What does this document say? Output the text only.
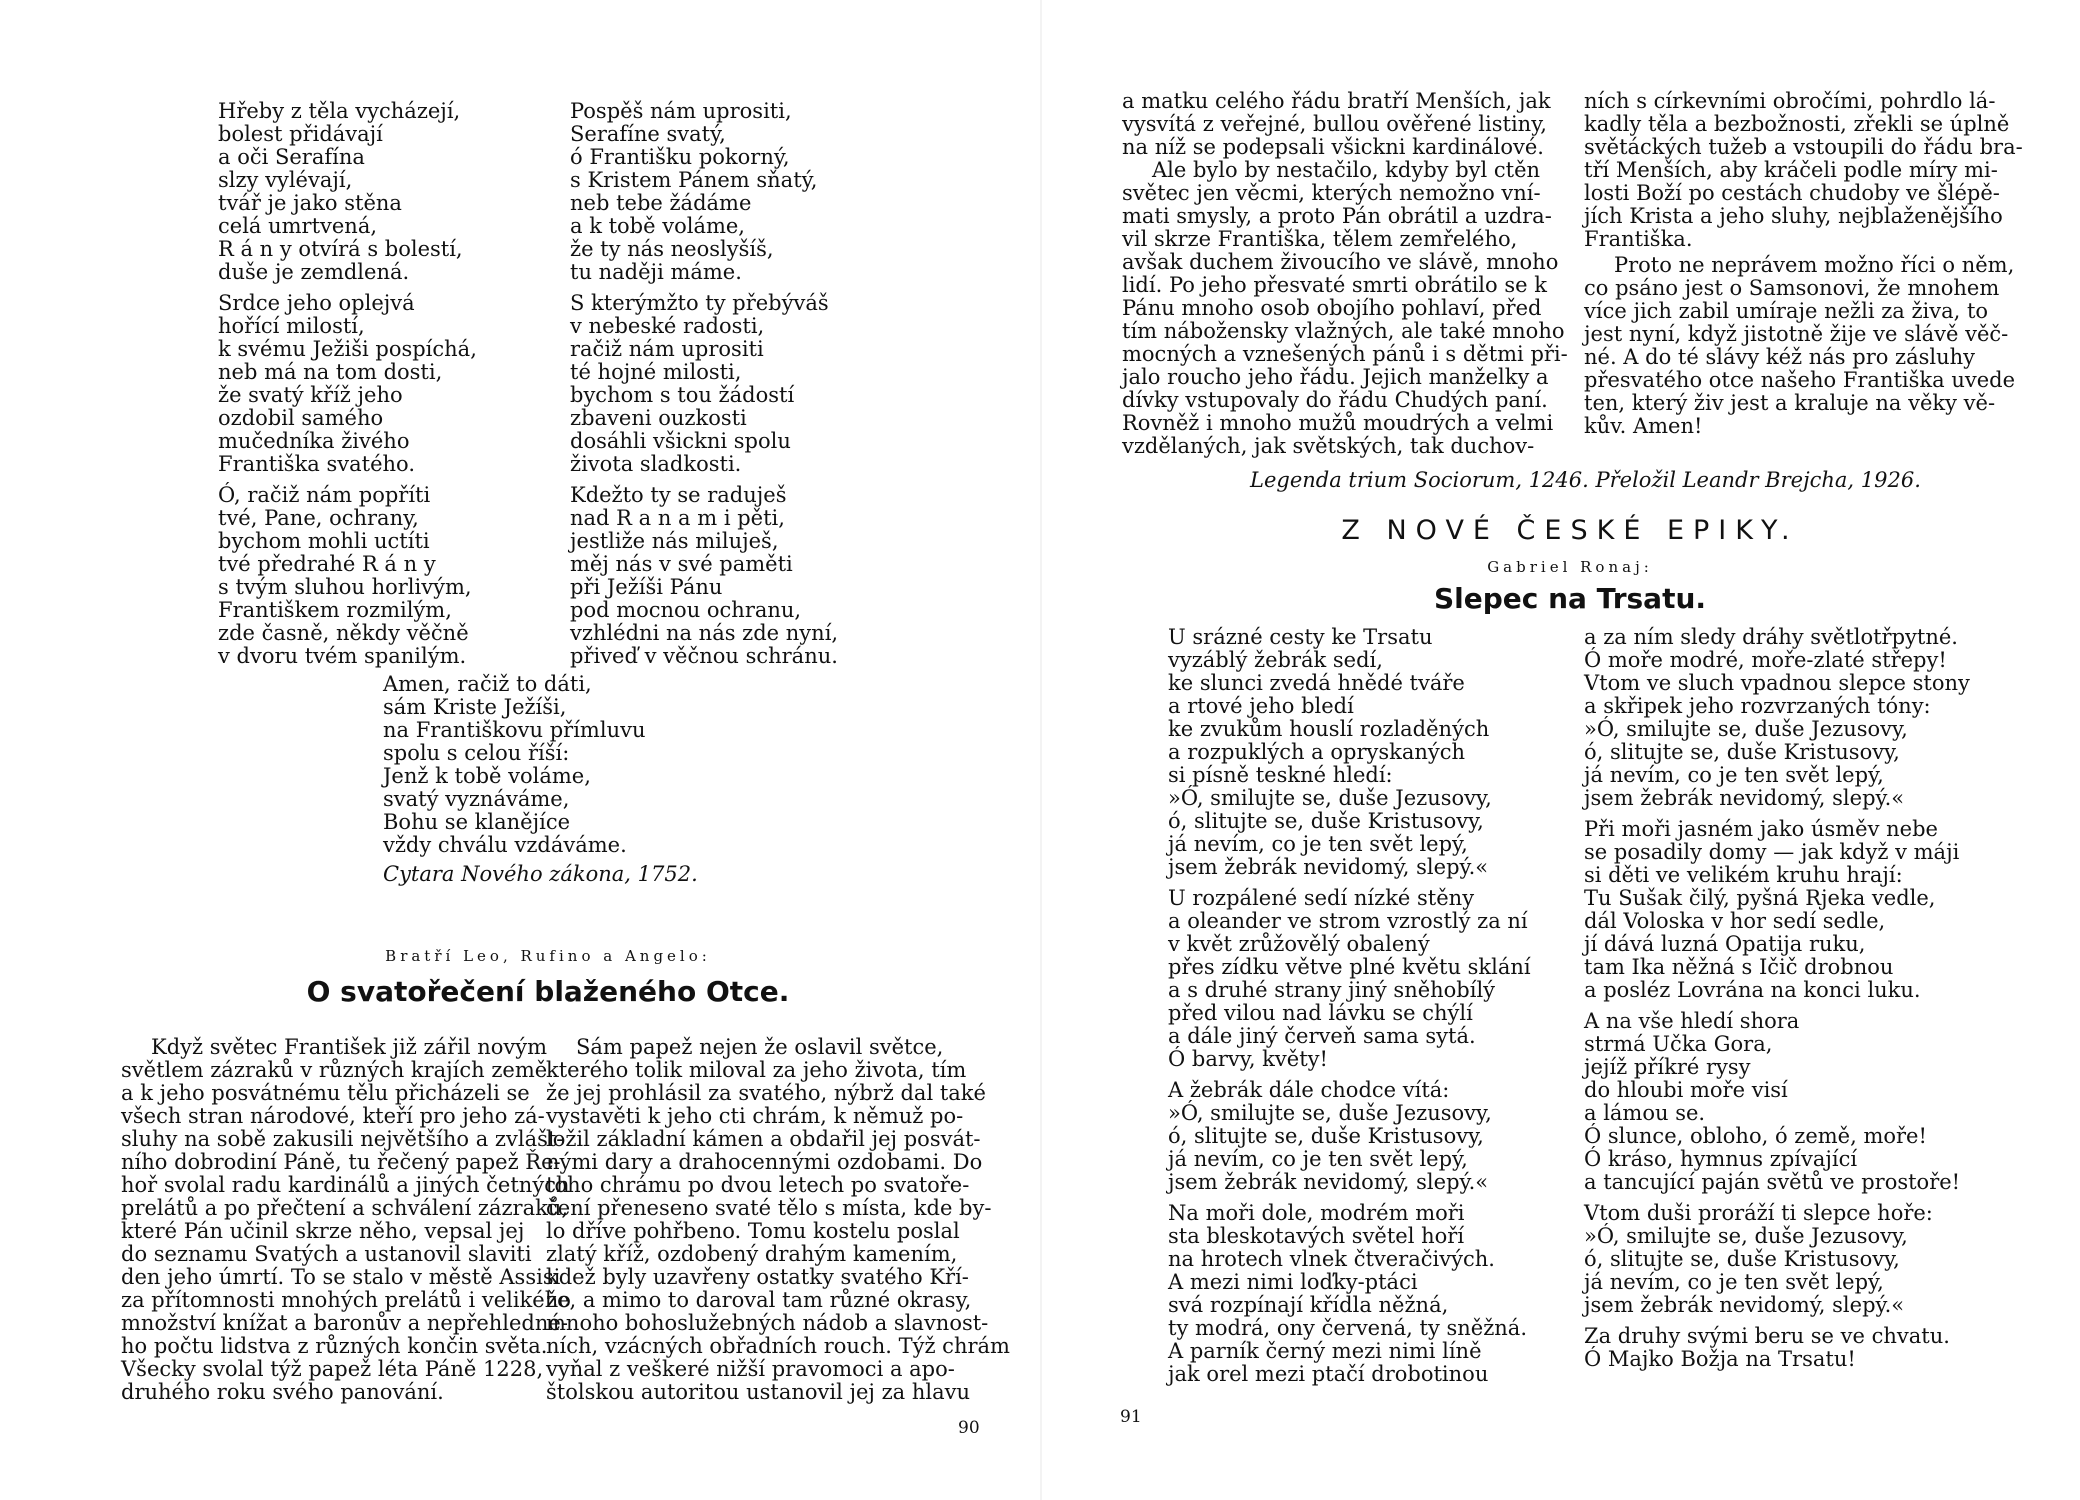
Hřeby z těla vycházejí,
bolest přidávají
a oči Serafína
slzy vylévají,
tvář je jako stěna
celá umrtvená,
R á n y otvírá s bolestí,
duše je zemdlená.

Srdce jeho oplejvá
hořící milostí,
k svému Ježiši pospíchá,
neb má na tom dosti,
že svatý kříž jeho
ozdobil samého
mučedníka živého
Františka svatého.

Ó, račiž nám popříti
tvé, Pane, ochrany,
bychom mohli uctíti
tvé předrahé R á n y
s tvým sluhou horlivým,
Františkem rozmilým,
zde časně, někdy věčně
v dvoru tvém spanilým.

Pospěš nám uprositi,
Serafíne svatý,
ó Františku pokorný,
s Kristem Pánem sňatý,
neb tebe žádáme
a k tobě voláme,
že ty nás neoslyšíš,
tu naději máme.

S kterýmžto ty přebýváš
v nebeské radosti,
račiž nám uprositi
té hojné milosti,
bychom s tou žádostí
zbaveni ouzkosti
dosáhli všickni spolu
života sladkosti.

Kdežto ty se raduješ
nad R a n a m i pěti,
jestliže nás miluješ,
měj nás v své paměti
při Ježíši Pánu
pod mocnou ochranu,
vzhlédni na nás zde nyní,
přiveď v věčnou schránu.

Amen, račiž to dáti,
sám Kriste Ježíši,
na Františkovu přímluvu
spolu s celou říší:
Jenž k tobě voláme,
svatý vyznáváme,
Bohu se klanějíce
vždy chválu vzdáváme.
Cytara Nového zákona, 1752.
Bratří Leo, Rufino a Angelo:
O svatořečení blaženého Otce.
Když světec František již zářil novým
světlem zázraků v různých krajích země
a k jeho posvátnému tělu přicházeli se
všech stran národové, kteří pro jeho zá-
sluhy na sobě zakusili největšího a zvlášt-
ního dobrodiní Páně, tu řečený papež Ře-
hoř svolal radu kardinálů a jiných četných
prelátů a po přečtení a schválení zázraků,
které Pán učinil skrze něho, vepsal jej
do seznamu Svatých a ustanovil slaviti
den jeho úmrtí. To se stalo v městě Assisi
za přítomnosti mnohých prelátů i velikého
množství knížat a baronův a nepřehledné-
ho počtu lidstva z různých končin světa.
Všecky svolal týž papež léta Páně 1228,
druhého roku svého panování.
Sám papež nejen že oslavil světce,
kterého tolik miloval za jeho života, tím
že jej prohlásil za svatého, nýbrž dal také
vystavěti k jeho cti chrám, k němuž po-
ložil základní kámen a obdařil jej posvát-
nými dary a drahocennými ozdobami. Do
toho chrámu po dvou letech po svatoře-
čení přeneseno svaté tělo s místa, kde by-
lo dříve pohřbeno. Tomu kostelu poslal
zlatý kříž, ozdobený drahým kamením,
kdež byly uzavřeny ostatky svatého Kří-
že, a mimo to daroval tam různé okrasy,
mnoho bohoslužebných nádob a slavnost-
ních, vzácných obřadních rouch. Týž chrám
vyňal z veškeré nižší pravomoci a apo-
štolskou autoritou ustanovil jej za hlavu
90
a matku celého řádu bratří Menších, jak
vysvítá z veřejné, bullou ověřené listiny,
na níž se podepsali všickni kardinálové.
Ale bylo by nestačilo, kdyby byl ctěn
světec jen věcmi, kterých nemožno vní-
mati smysly, a proto Pán obrátil a uzdra-
vil skrze Františka, tělem zemřelého,
avšak duchem živoucího ve slávě, mnoho
lidí. Po jeho přesvaté smrti obrátilo se k
Pánu mnoho osob obojího pohlaví, před
tím nábožensky vlažných, ale také mnoho
mocných a vznešených pánů i s dětmi při-
jalo roucho jeho řádu. Jejich manželky a
dívky vstupovaly do řádu Chudých paní.
Rovněž i mnoho mužů moudrých a velmi
vzdělaných, jak světských, tak duchov-
ních s církevními obročími, pohrdlo lá-
kadly těla a bezbožnosti, zřekli se úplně
světáckých tužeb a vstoupili do řádu bra-
tří Menších, aby kráčeli podle míry mi-
losti Boží po cestách chudoby ve šlépě-
jích Krista a jeho sluhy, nejblaženějšího
Františka.
Proto ne neprávem možno říci o něm,
co psáno jest o Samsonovi, že mnohem
více jich zabil umíraje nežli za živa, to
jest nyní, když jistotně žije ve slávě věč-
né. A do té slávy kéž nás pro zásluhy
přesvatého otce našeho Františka uvede
ten, který živ jest a kraluje na věky vě-
kův. Amen!
Legenda trium Sociorum, 1246. Přeložil Leandr Brejcha, 1926.
Z NOVÉ ČESKÉ EPIKY.
Gabriel Ronaj:
Slepec na Trsatu.

U srázné cesty ke Trsatu
vyzáblý žebrák sedí,
ke slunci zvedá hnědé tváře
a rtové jeho bledí
ke zvukům houslí rozladěných
a rozpuklých a opryskaných
si písně teskné hledí:
»Ó, smilujte se, duše Jezusovy,
ó, slitujte se, duše Kristusovy,
já nevím, co je ten svět lepý,
jsem žebrák nevidomý, slepý.«

U rozpálené sedí nízké stěny
a oleander ve strom vzrostlý za ní
v květ zrůžovělý obalený
přes zídku větve plné květu sklání
a s druhé strany jiný sněhobílý
před vilou nad lávku se chýlí
a dále jiný červeň sama sytá.
Ó barvy, květy!

A žebrák dále chodce vítá:
»Ó, smilujte se, duše Jezusovy,
ó, slitujte se, duše Kristusovy,
já nevím, co je ten svět lepý,
jsem žebrák nevidomý, slepý.«

Na moři dole, modrém moři
sta bleskotavých světel hoří
na hrotech vlnek čtveračivých.
A mezi nimi loďky-ptáci
svá rozpínají křídla něžná,
ty modrá, ony červená, ty sněžná.
A parník černý mezi nimi líně
jak orel mezi ptačí drobotinou

a za ním sledy dráhy světlotřpytné.
Ó moře modré, moře-zlaté střepy!
Vtom ve sluch vpadnou slepce stony
a skřipek jeho rozvrzaných tóny:
»Ó, smilujte se, duše Jezusovy,
ó, slitujte se, duše Kristusovy,
já nevím, co je ten svět lepý,
jsem žebrák nevidomý, slepý.«

Při moři jasném jako úsměv nebe
se posadily domy — jak když v máji
si děti ve velikém kruhu hrají:
Tu Sušak čilý, pyšná Rjeka vedle,
dál Voloska v hor sedí sedle,
jí dává luzná Opatija ruku,
tam Ika něžná s Ičič drobnou
a posléz Lovrána na konci luku.

A na vše hledí shora
strmá Učka Gora,
jejíž příkré rysy
do hloubi moře visí
a lámou se.
Ó slunce, obloho, ó země, moře!
Ó kráso, hymnus zpívající
a tancující paján světů ve prostoře!

Vtom duši proráží ti slepce hoře:
»Ó, smilujte se, duše Jezusovy,
ó, slitujte se, duše Kristusovy,
já nevím, co je ten svět lepý,
jsem žebrák nevidomý, slepý.«

Za druhy svými beru se ve chvatu.
Ó Majko Božja na Trsatu!

91
